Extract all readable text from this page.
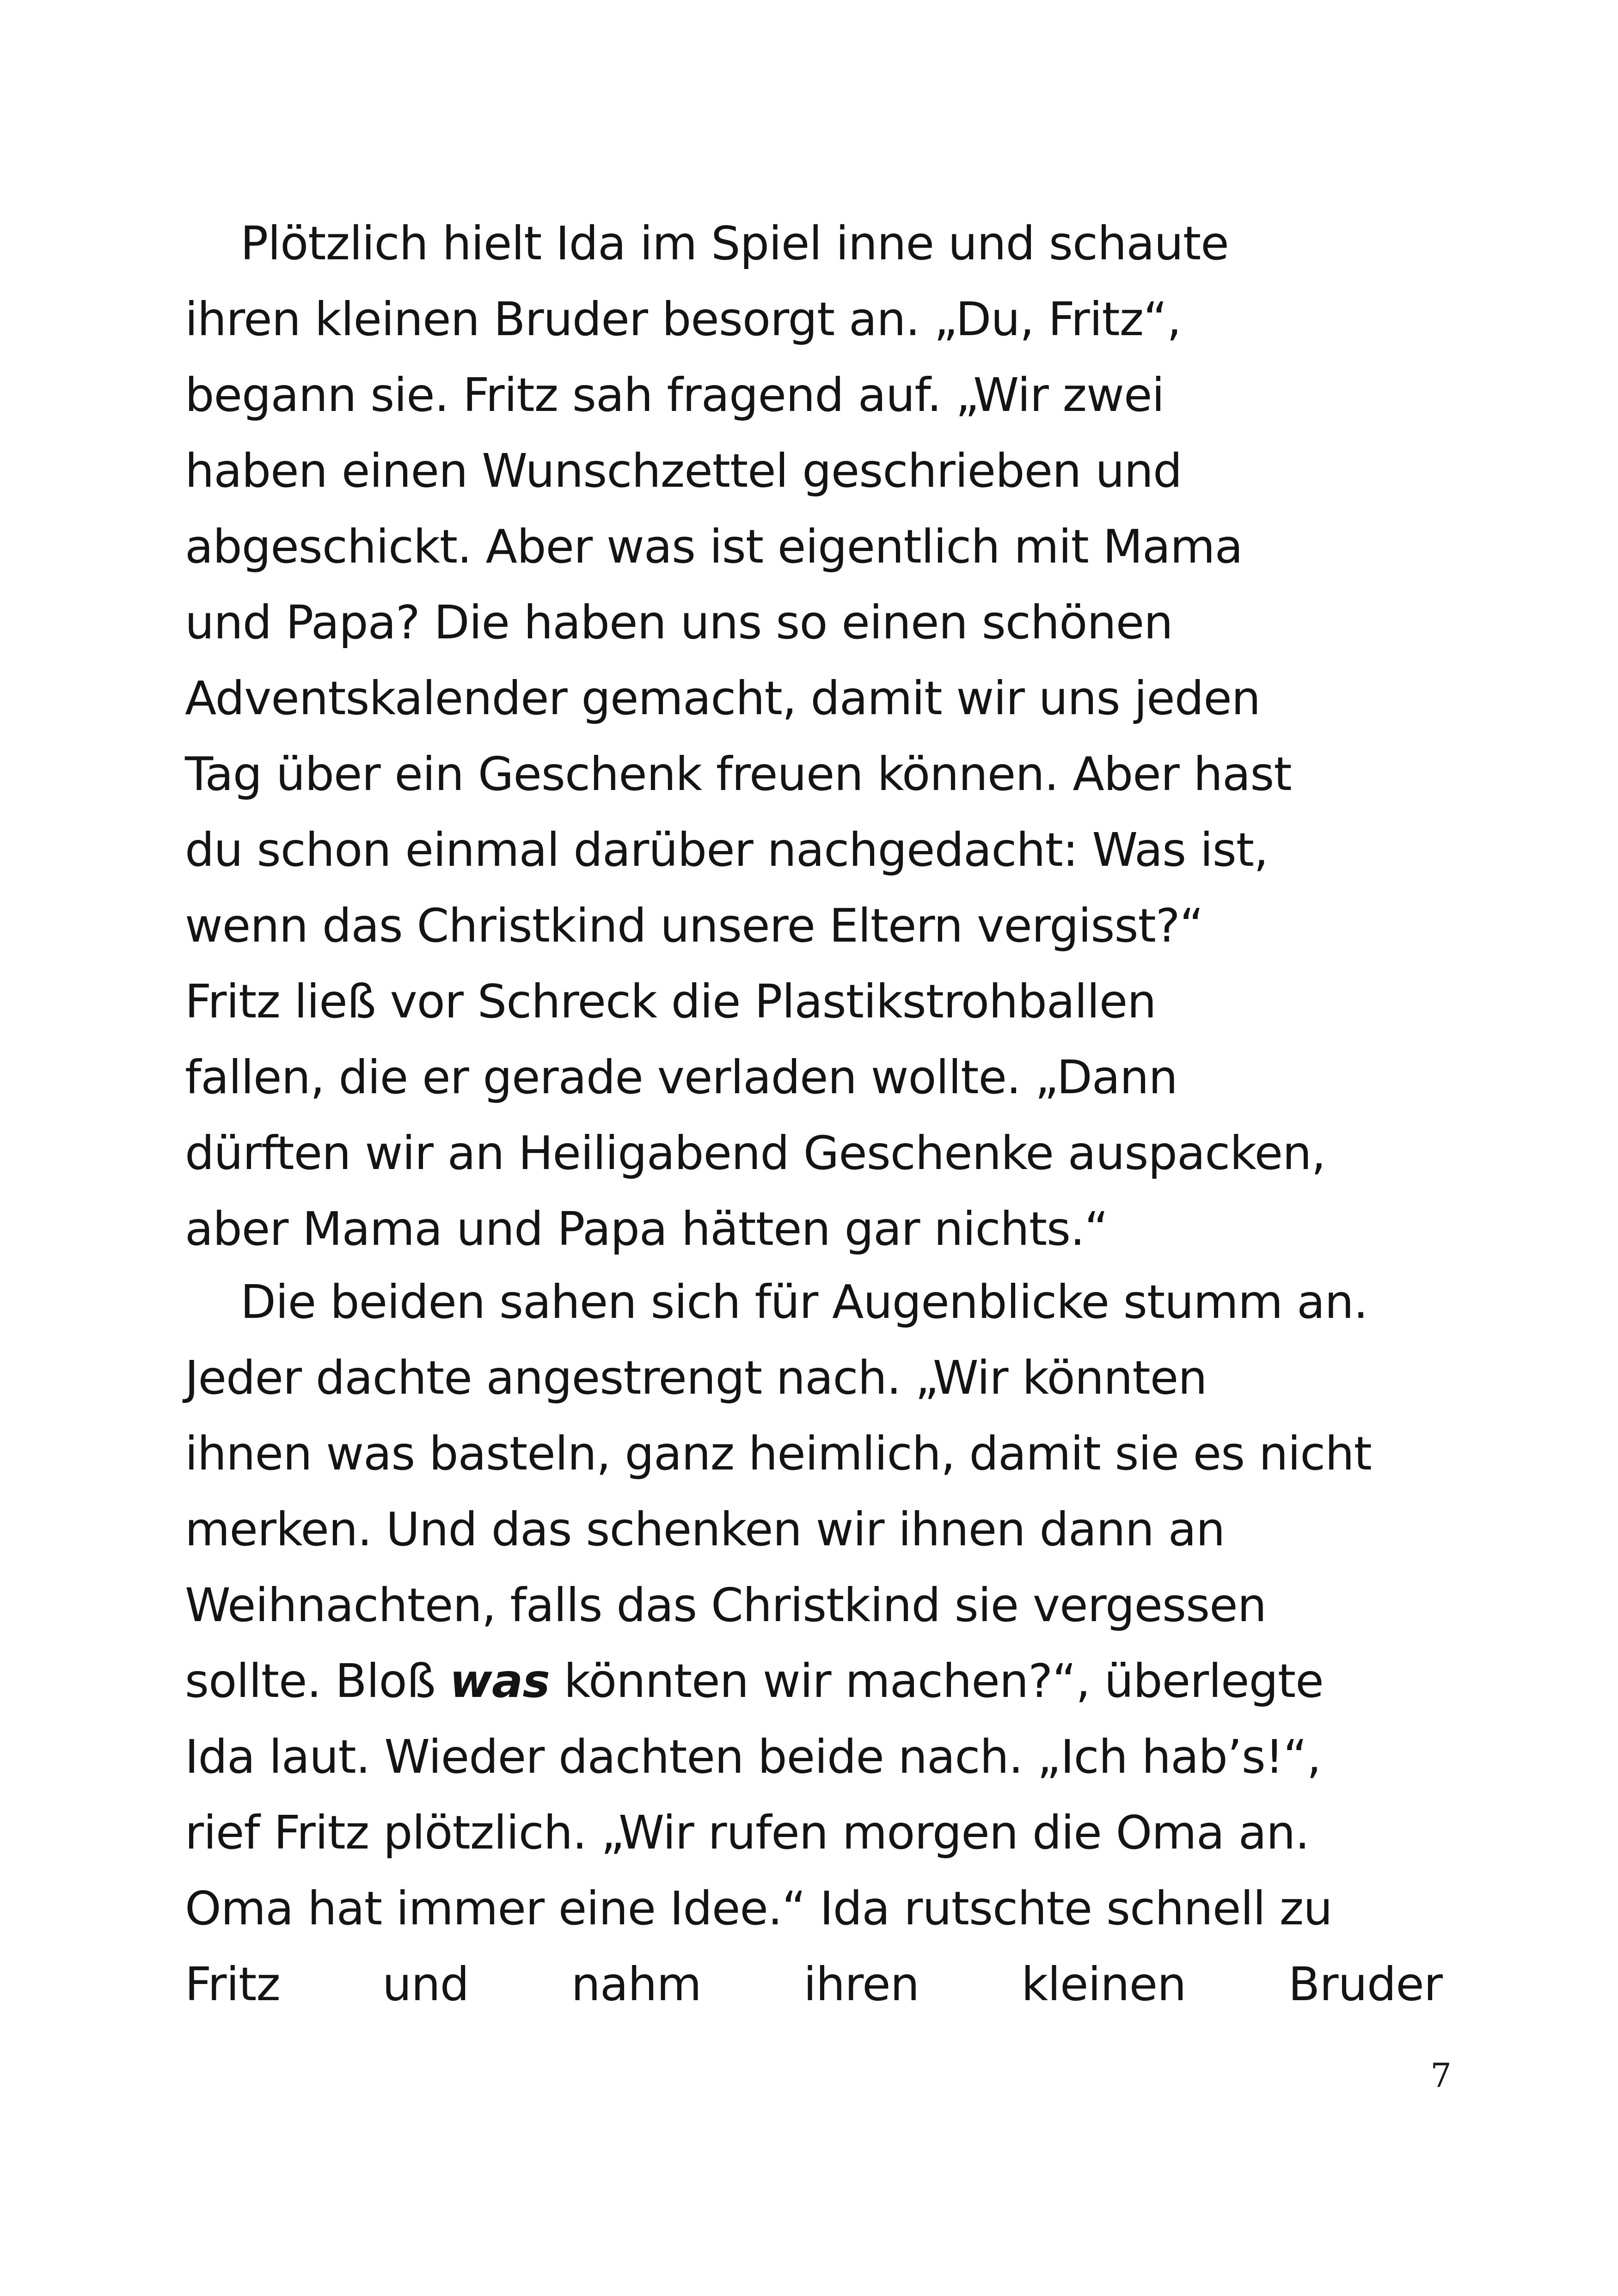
Plötzlich hielt Ida im Spiel inne und schaute
ihren kleinen Bruder besorgt an. „Du, Fritz“,
begann sie. Fritz sah fragend auf. „Wir zwei
haben einen Wunschzettel geschrieben und
abgeschickt. Aber was ist eigentlich mit Mama
und Papa? Die haben uns so einen schönen
Adventskalender gemacht, damit wir uns jeden
Tag über ein Geschenk freuen können. Aber hast
du schon einmal darüber nachgedacht: Was ist,
wenn das Christkind unsere Eltern vergisst?“
Fritz ließ vor Schreck die Plastikstrohballen
fallen, die er gerade verladen wollte. „Dann
dürften wir an Heiligabend Geschenke auspacken,
aber Mama und Papa hätten gar nichts.“
Die beiden sahen sich für Augenblicke stumm an.
Jeder dachte angestrengt nach. „Wir könnten
ihnen was basteln, ganz heimlich, damit sie es nicht
merken. Und das schenken wir ihnen dann an
Weihnachten, falls das Christkind sie vergessen
sollte. Bloß was könnten wir machen?“, überlegte
Ida laut. Wieder dachten beide nach. „Ich hab’s!“,
rief Fritz plötzlich. „Wir rufen morgen die Oma an.
Oma hat immer eine Idee.“ Ida rutschte schnell zu
Fritz und nahm ihren kleinen Bruder
7
